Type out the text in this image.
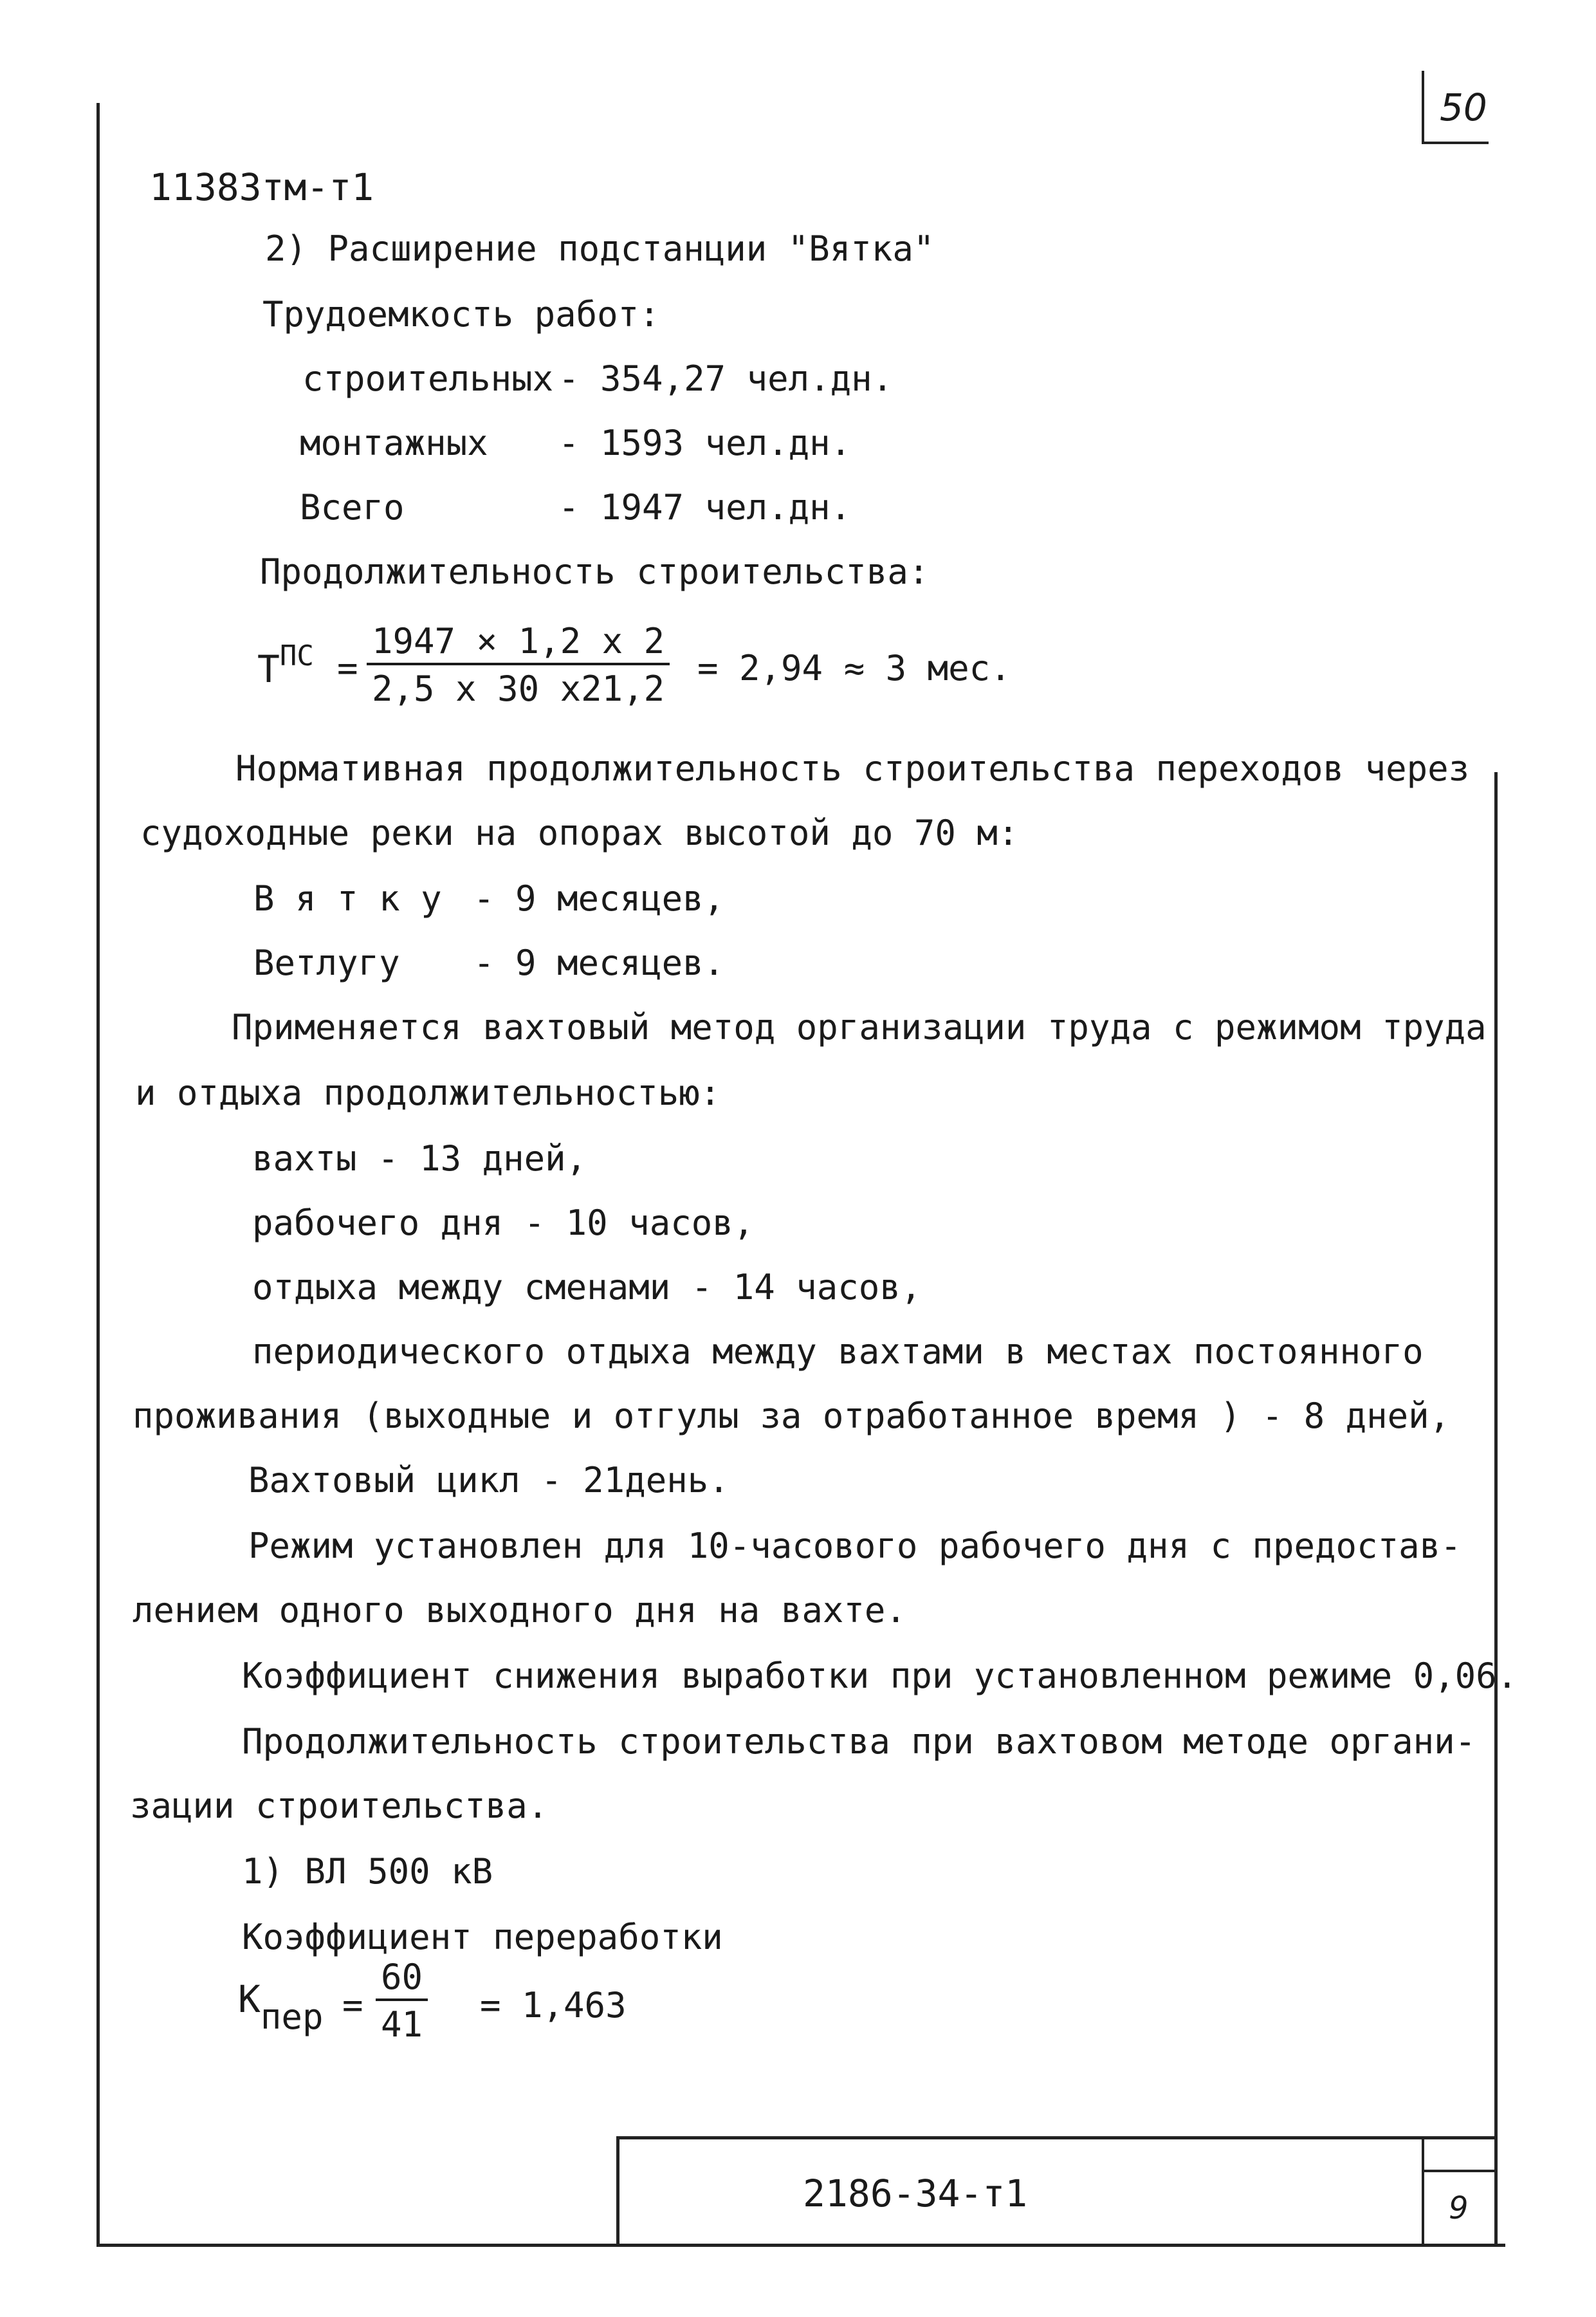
50
11383тм-т1
2) Расширение подстанции "Вятка"
Трудоемкость работ:
строительных - 354,27 чел.дн.
монтажных - 1593 чел.дн.
Всего	- 1947 чел.дн.
Продолжительность строительства:
$T^{ПС} = \frac{1947 \times 1,2 x 2}{2,5 x 30 x21,2} = 2,94 \approx 3$ мес.
Нормативная продолжительность строительства переходов через
судоходные реки на опорах высотой до 70 м:
В я т к у - 9 месяцев,
Ветлугу - 9 месяцев.
Применяется вахтовый метод организации труда с режимом труда
и отдыха продолжительностью:
вахты - 13 дней,
рабочего дня - 10 часов,
отдыха между сменами - 14 часов,
периодического отдыха между вахтами в местах постоянного
проживания (выходные и отгулы за отработанное время ) - 8 дней,
Вахтовый цикл - 21день.
Режим установлен для 10-часового рабочего дня с предостав-
лением одного выходного дня на вахте.
Коэффициент снижения выработки при установленном режиме 0,06.
Продолжительность строительства при вахтовом методе органи-
зации строительства.
1) ВЛ 500 кВ
Коэффициент переработки
$К_{пер} = \frac{60}{41} = 1,463$
2186-34-т1	9
